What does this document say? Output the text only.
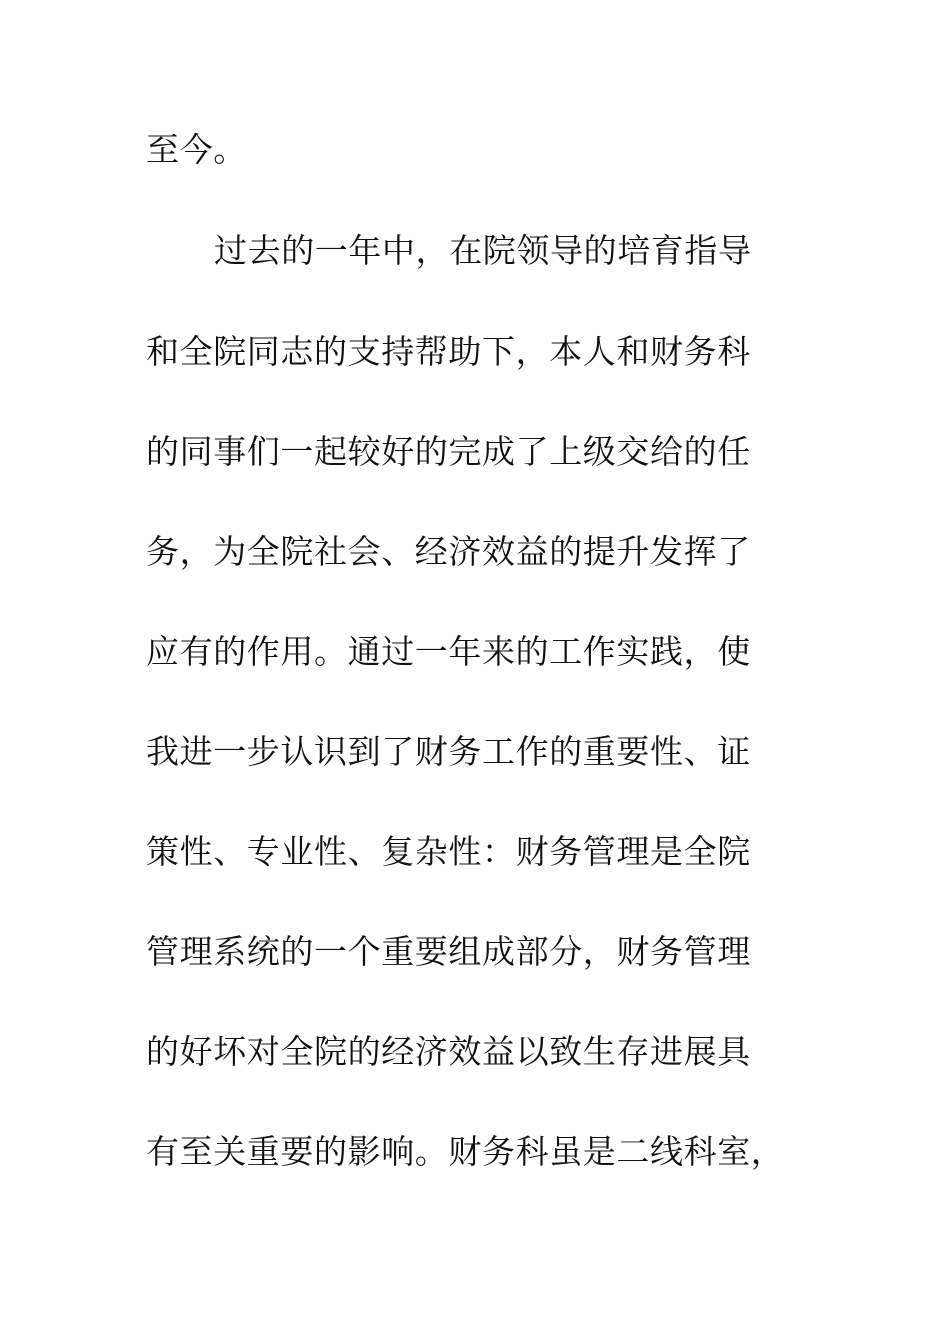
至今。
过去的一年中，在院领导的培育指导
和全院同志的支持帮助下，本人和财务科
的同事们一起较好的完成了上级交给的任
务，为全院社会、经济效益的提升发挥了
应有的作用。通过一年来的工作实践，使
我进一步认识到了财务工作的重要性、证
策性、专业性、复杂性：财务管理是全院
管理系统的一个重要组成部分，财务管理
的好坏对全院的经济效益以致生存进展具
有至关重要的影响。财务科虽是二线科室，
